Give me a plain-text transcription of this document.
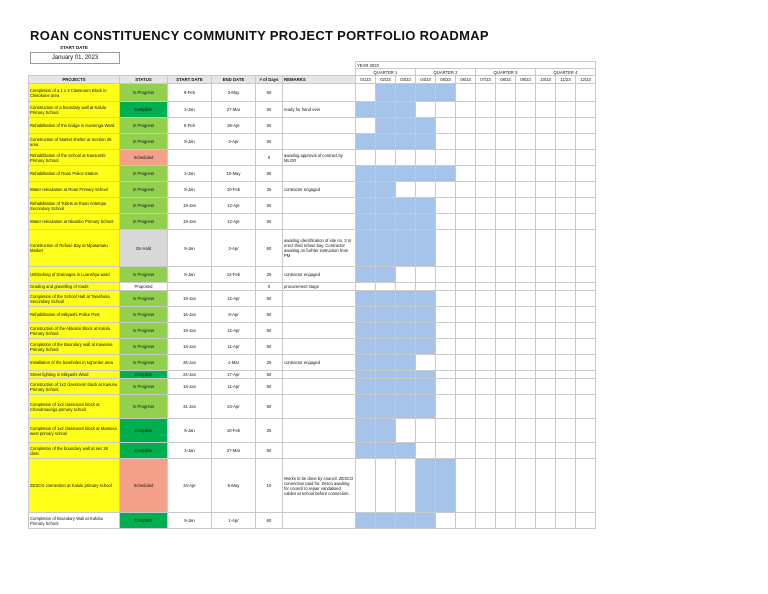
ROAN CONSTITUENCY COMMUNITY PROJECT PORTFOLIO ROADMAP
START DATE
January 01, 2023
						YEAR 2023											
						QUARTER 1			QUARTER 2			QUARTER 3			QUARTER 4		
PROJECTS	STATUS	START DATE	END DATE	# of Days	REMARKS	01/23	02/23	03/23	04/23	05/23	06/23	07/23	08/23	09/23	10/23	11/23	12/23
Completion of a 1 x 3 Classroom Block in Chisokone area	In Progress	9-Feb	3-May	60													
Construction of a boundary wall at Kalulu Primary School	Complete	3-Jan	27-Mar	60	ready for hand over												
Rehabilitation of the bridge in Kamenga Ward	In Progress	5-Feb	28-Apr	60													
Construction of Market shelter at Section 25 area	In Progress	9-Jan	3-Apr	60													
Rehabilitation of the School at Kansumbi Primary School	Scheduled			0	awaiting approval of contract by MLGR												
Rehabilitation of Roan Police Station	In Progress	3-Jan	10-May	90													
Water reticulation at Roan Primary School	In Progress	9-Jan	10-Feb	25	contractor engaged												
Rehabilitation of Toilets at Roan Antelope Secondary School	In Progress	19-Jan	12-Apr	60													
Water reticulation at Nkambo Primary School	In Progress	19-Jan	12-Apr	60													
Construction of Refuse Bay at Mpatamatu Market	On Hold	9-Jan	3-Apr	60	awaiting identification of site no. 3 to erect third refuse bay. Contractor awaiting on furhter instruction from PM												
Unblocking of Drainages in Luanshya ward	In Progress	9-Jan	12-Feb	25	contractor engaged												
Grading and gravelling of roads	Proposed			0	procurement stage												
Completion of the School Hall at Twashuka Secondary School	In Progress	19-Jan	12-Apr	60													
Rehabilitation of Mikyashi Police Post	In Progress	16-Jan	9-Apr	60													
Construction of the Ablution Block at Kalulu Primary School	In Progress	19-Jan	12-Apr	60													
Completion of the Boundary wall at Kawama Primary School	In Progress	18-Jan	11-Apr	60													
Installation of the boreholes in Ng'ombe area	In Progress	26-Jan	1-Mar	25	contractor engaged												
Street lighting in Mikyashi Ward	Complete	24-Jan	17-Apr	60													
Construction of 1x2 classroom block at Kasunu Primary School	In Progress	18-Jan	11-Apr	60													
Completion of 1x3 classroom block at Chendmaunga primary school	In Progress	31-Jan	24-Apr	60													
Completion of 1x2 classroom block at Mamoxa west primary school	Complete	9-Jan	10-Feb	25													
Completion of the boundary wall at sec 26 clinic	Complete	3-Jan	27-Mar	60													
ZESCO connection at Kalulu primary school	Scheduled	24-Apr	5-May	10	Works to be done by council. ZESCO connection paid for. Zesco awaiting for council to repair vandalised cables at school before connection.												
Completion of Boundary Wall at Kafubu Primary School	Complete	9-Jan	1-Apr	60													
